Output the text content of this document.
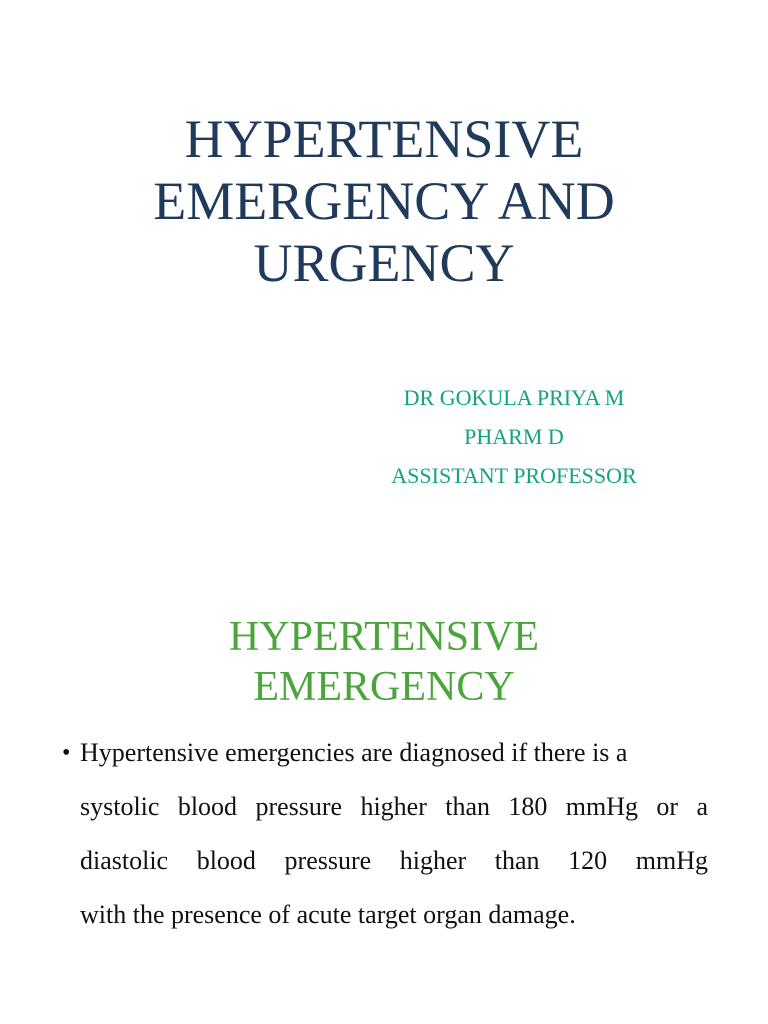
HYPERTENSIVE
EMERGENCY AND
URGENCY
DR GOKULA PRIYA M
PHARM D
ASSISTANT PROFESSOR
HYPERTENSIVE
EMERGENCY
• Hypertensive emergencies are diagnosed if there is a
systolic blood pressure higher than 180 mmHg or a
diastolic blood pressure higher than 120 mmHg
with the presence of acute target organ damage.
